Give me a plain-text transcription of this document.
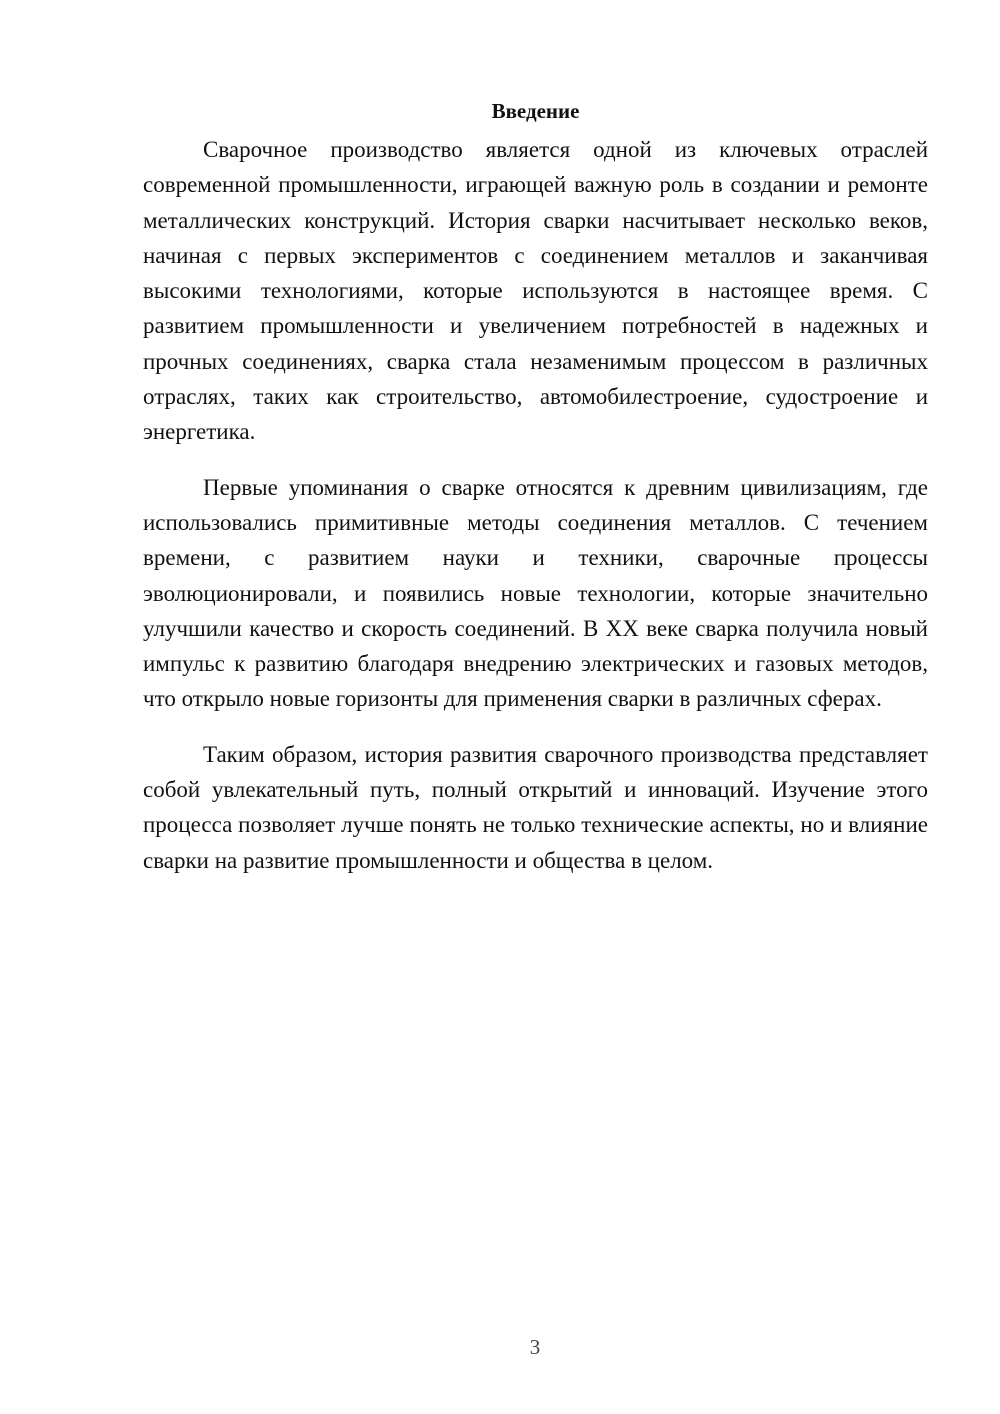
Введение

Сварочное производство является одной из ключевых отраслей современной промышленности, играющей важную роль в создании и ремонте металлических конструкций. История сварки насчитывает несколько веков, начиная с первых экспериментов с соединением металлов и заканчивая высокими технологиями, которые используются в настоящее время. С развитием промышленности и увеличением потребностей в надежных и прочных соединениях, сварка стала незаменимым процессом в различных отраслях, таких как строительство, автомобилестроение, судостроение и энергетика.

Первые упоминания о сварке относятся к древним цивилизациям, где использовались примитивные методы соединения металлов. С течением времени, с развитием науки и техники, сварочные процессы эволюционировали, и появились новые технологии, которые значительно улучшили качество и скорость соединений. В XX веке сварка получила новый импульс к развитию благодаря внедрению электрических и газовых методов, что открыло новые горизонты для применения сварки в различных сферах.

Таким образом, история развития сварочного производства представляет собой увлекательный путь, полный открытий и инноваций. Изучение этого процесса позволяет лучше понять не только технические аспекты, но и влияние сварки на развитие промышленности и общества в целом.

3
